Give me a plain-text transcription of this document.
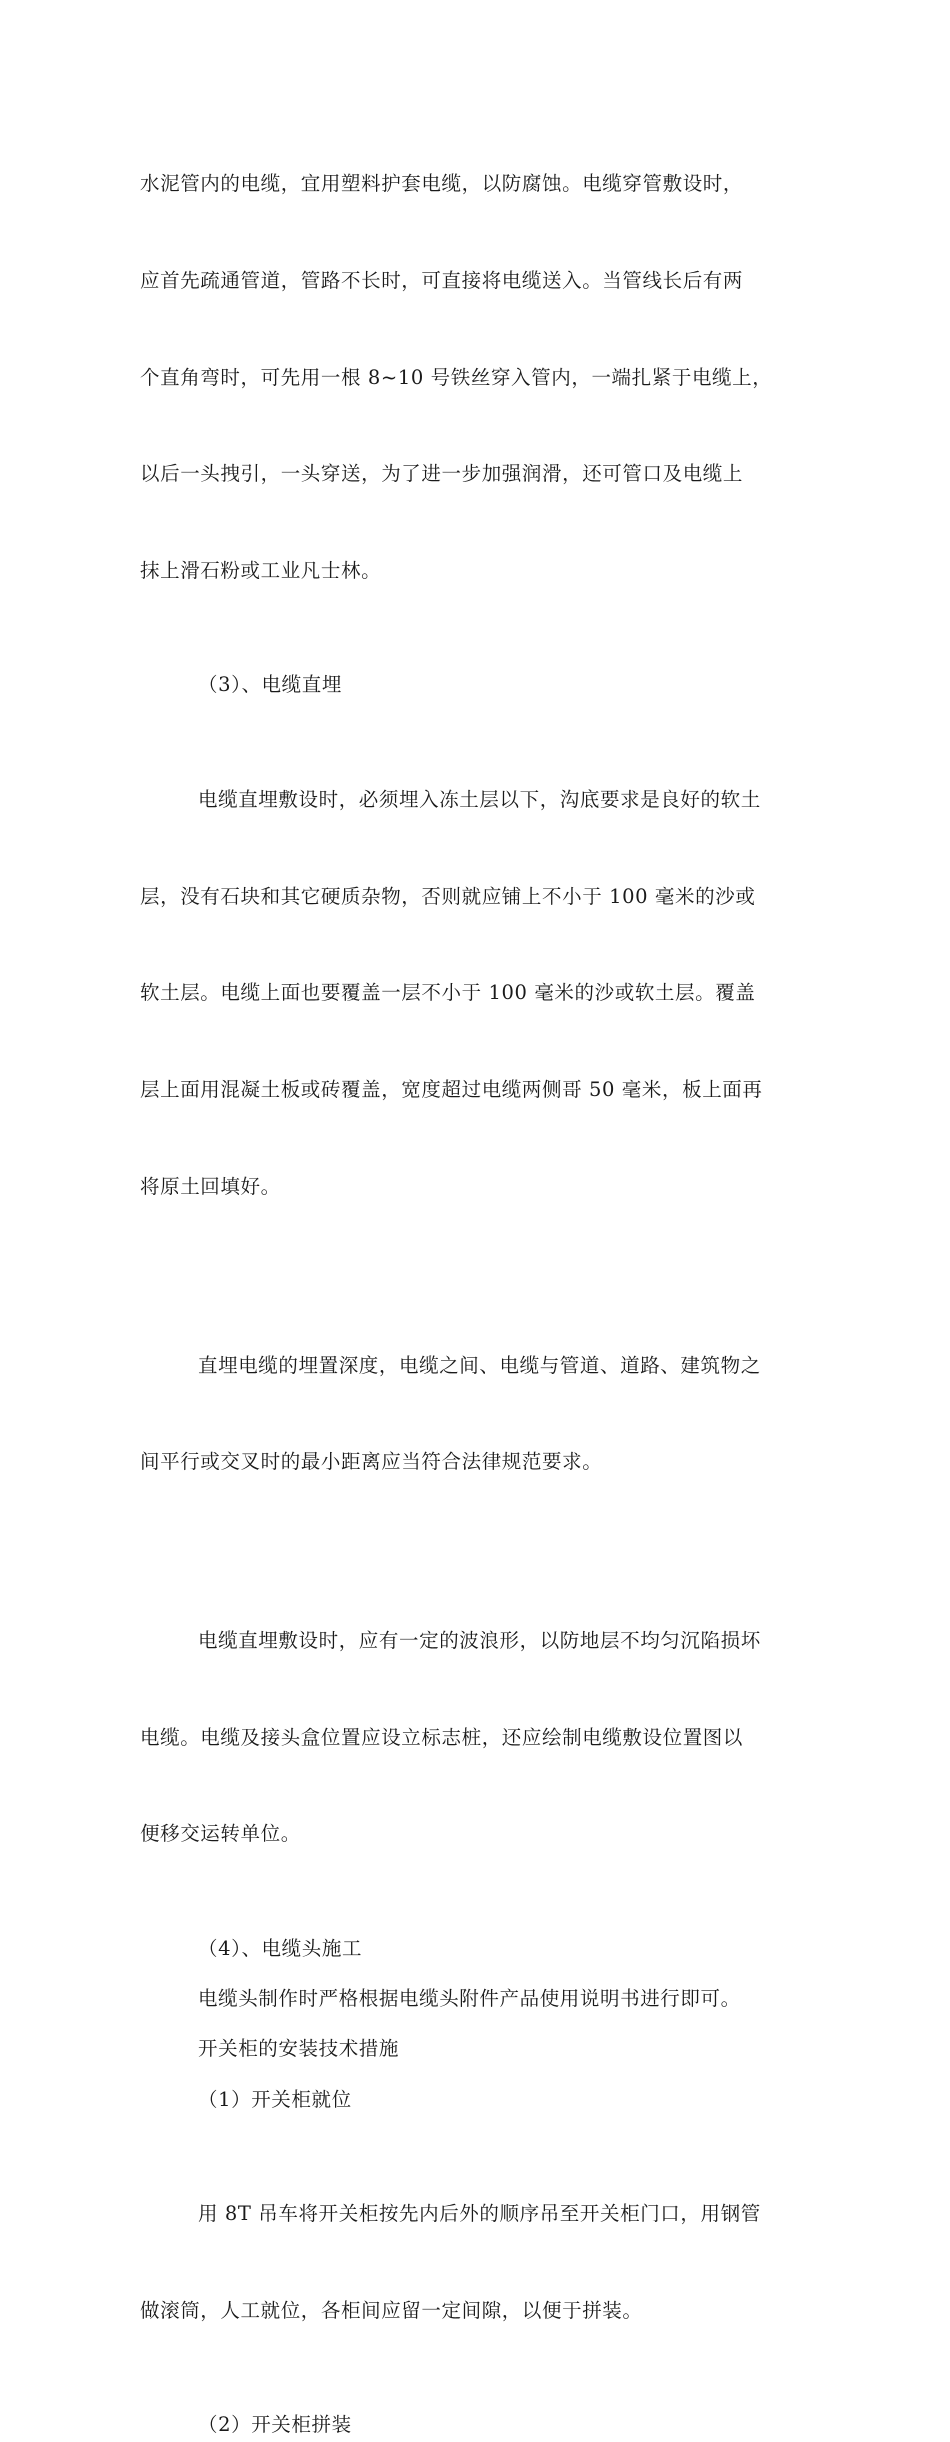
水泥管内的电缆，宜用塑料护套电缆，以防腐蚀。电缆穿管敷设时，

应首先疏通管道，管路不长时，可直接将电缆送入。当管线长后有两

个直角弯时，可先用一根 8~10 号铁丝穿入管内，一端扎紧于电缆上，

以后一头拽引，一头穿送，为了进一步加强润滑，还可管口及电缆上

抹上滑石粉或工业凡士林。

（3）、电缆直埋

电缆直埋敷设时，必须埋入冻土层以下，沟底要求是良好的软土

层，没有石块和其它硬质杂物，否则就应铺上不小于 100 毫米的沙或

软土层。电缆上面也要覆盖一层不小于 100 毫米的沙或软土层。覆盖

层上面用混凝土板或砖覆盖，宽度超过电缆两侧哥 50 毫米，板上面再

将原土回填好。

直埋电缆的埋置深度，电缆之间、电缆与管道、道路、建筑物之

间平行或交叉时的最小距离应当符合法律规范要求。

电缆直埋敷设时，应有一定的波浪形，以防地层不均匀沉陷损坏

电缆。电缆及接头盒位置应设立标志桩，还应绘制电缆敷设位置图以

便移交运转单位。

（4）、电缆头施工
电缆头制作时严格根据电缆头附件产品使用说明书进行即可。
开关柜的安装技术措施
（1）开关柜就位

用 8T 吊车将开关柜按先内后外的顺序吊至开关柜门口，用钢管

做滚筒，人工就位，各柜间应留一定间隙，以便于拼装。

（2）开关柜拼装
